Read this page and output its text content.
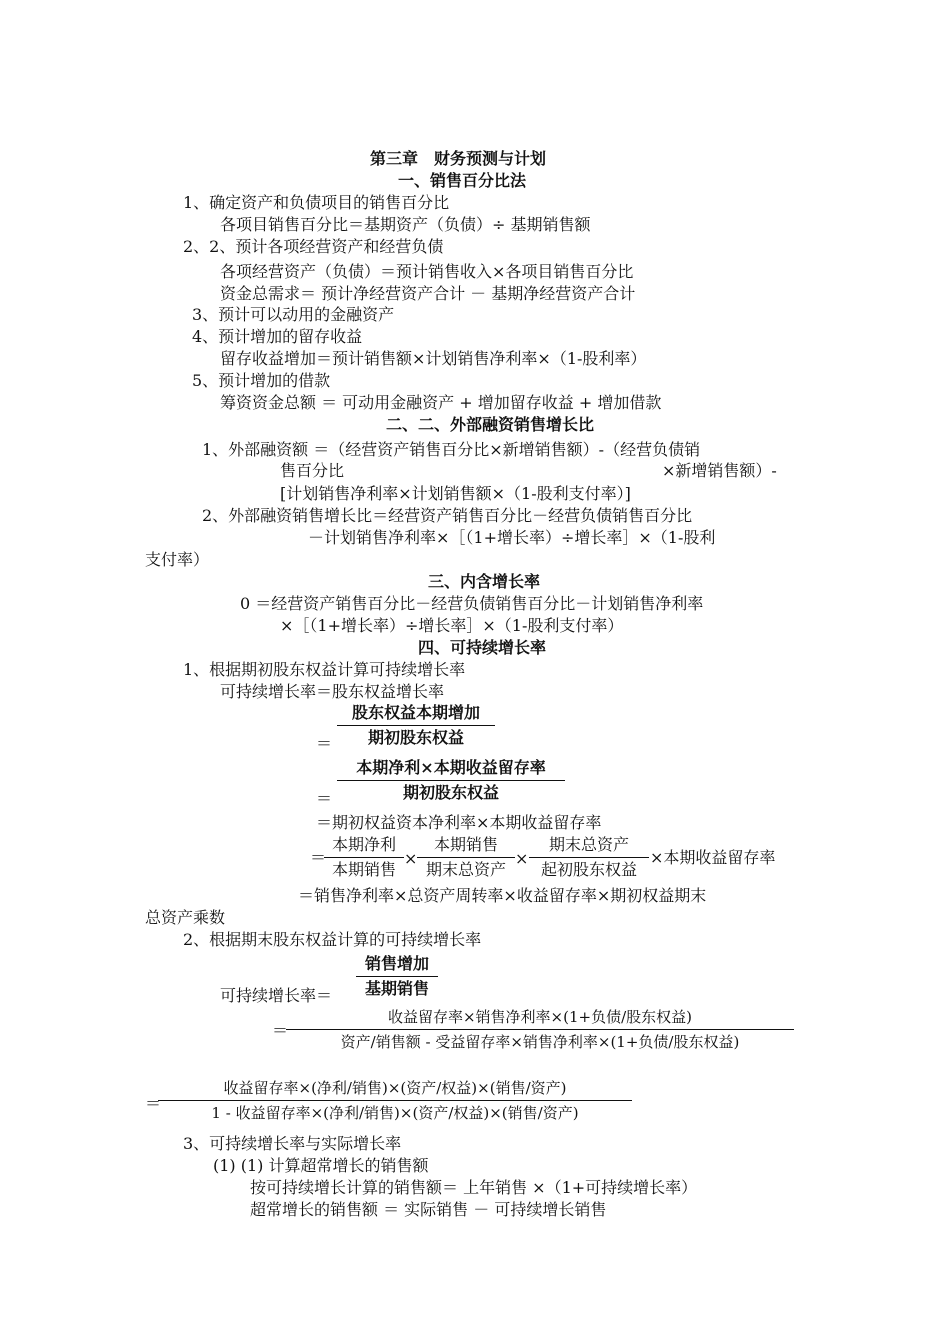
第三章　财务预测与计划
一、销售百分比法
1、确定资产和负债项目的销售百分比
各项目销售百分比＝基期资产（负债）÷ 基期销售额
2、2、预计各项经营资产和经营负债
各项经营资产（负债）＝预计销售收入×各项目销售百分比
资金总需求＝ 预计净经营资产合计 － 基期净经营资产合计
3、预计可以动用的金融资产
4、预计增加的留存收益
留存收益增加＝预计销售额×计划销售净利率×（1-股利率）
5、预计增加的借款
筹资资金总额 ＝ 可动用金融资产 + 增加留存收益 + 增加借款
二、二、外部融资销售增长比
1、外部融资额 ＝（经营资产销售百分比×新增销售额）-（经营负债销
售百分比	×新增销售额）-
[计划销售净利率×计划销售额×（1-股利支付率）]
2、外部融资销售增长比＝经营资产销售百分比－经营负债销售百分比
－计划销售净利率×［（1+增长率）÷增长率］×（1-股利
支付率）
三、内含增长率
0 ＝经营资产销售百分比－经营负债销售百分比－计划销售净利率
×［（1+增长率）÷增长率］×（1-股利支付率）
四、可持续增长率
1、根据期初股东权益计算可持续增长率
可持续增长率＝股东权益增长率
＝
股东权益本期增加
期初股东权益
＝
本期净利×本期收益留存率
期初股东权益
＝期初权益资本净利率×本期收益留存率
＝
本期净利
本期销售
×
本期销售
期末总资产
×
期末总资产
起初股东权益
×本期收益留存率
＝销售净利率×总资产周转率×收益留存率×期初权益期末
总资产乘数
2、根据期末股东权益计算的可持续增长率
可持续增长率＝
销售增加
基期销售
＝
收益留存率×销售净利率×(1+负债/股东权益)
资产/销售额 - 受益留存率×销售净利率×(1+负债/股东权益)
＝
收益留存率×(净利/销售)×(资产/权益)×(销售/资产)
1 - 收益留存率×(净利/销售)×(资产/权益)×(销售/资产)
3、可持续增长率与实际增长率
(1) (1) 计算超常增长的销售额
按可持续增长计算的销售额＝ 上年销售 ×（1+可持续增长率）
超常增长的销售额 ＝ 实际销售 － 可持续增长销售
